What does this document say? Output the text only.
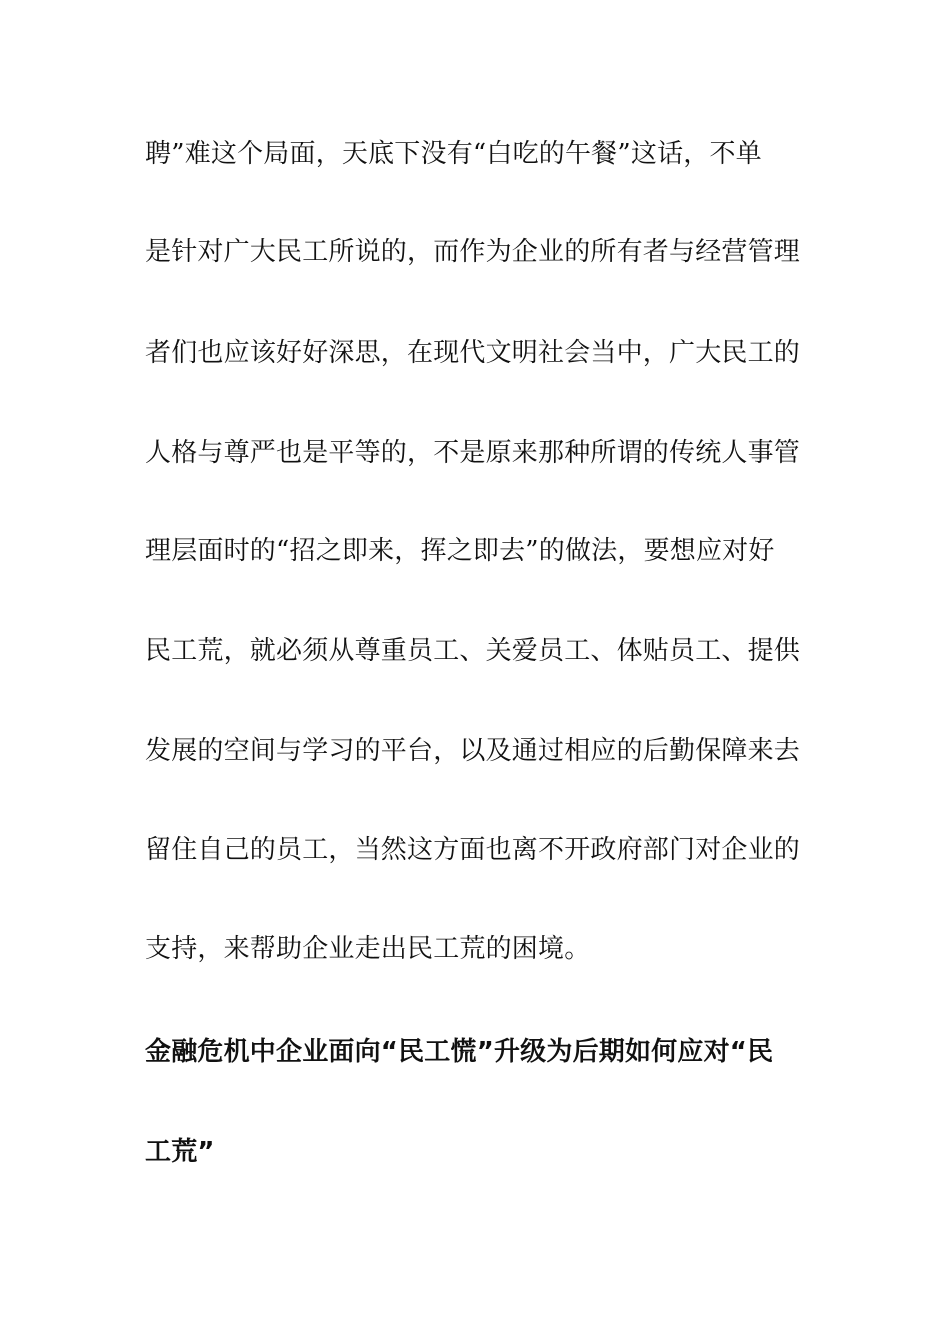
聘”难这个局面，天底下没有“白吃的午餐”这话，不单
是针对广大民工所说的，而作为企业的所有者与经营管理
者们也应该好好深思，在现代文明社会当中，广大民工的
人格与尊严也是平等的，不是原来那种所谓的传统人事管
理层面时的“招之即来，挥之即去”的做法，要想应对好
民工荒，就必须从尊重员工、关爱员工、体贴员工、提供
发展的空间与学习的平台，以及通过相应的后勤保障来去
留住自己的员工，当然这方面也离不开政府部门对企业的
支持，来帮助企业走出民工荒的困境。
金融危机中企业面向“民工慌”升级为后期如何应对“民
工荒”
